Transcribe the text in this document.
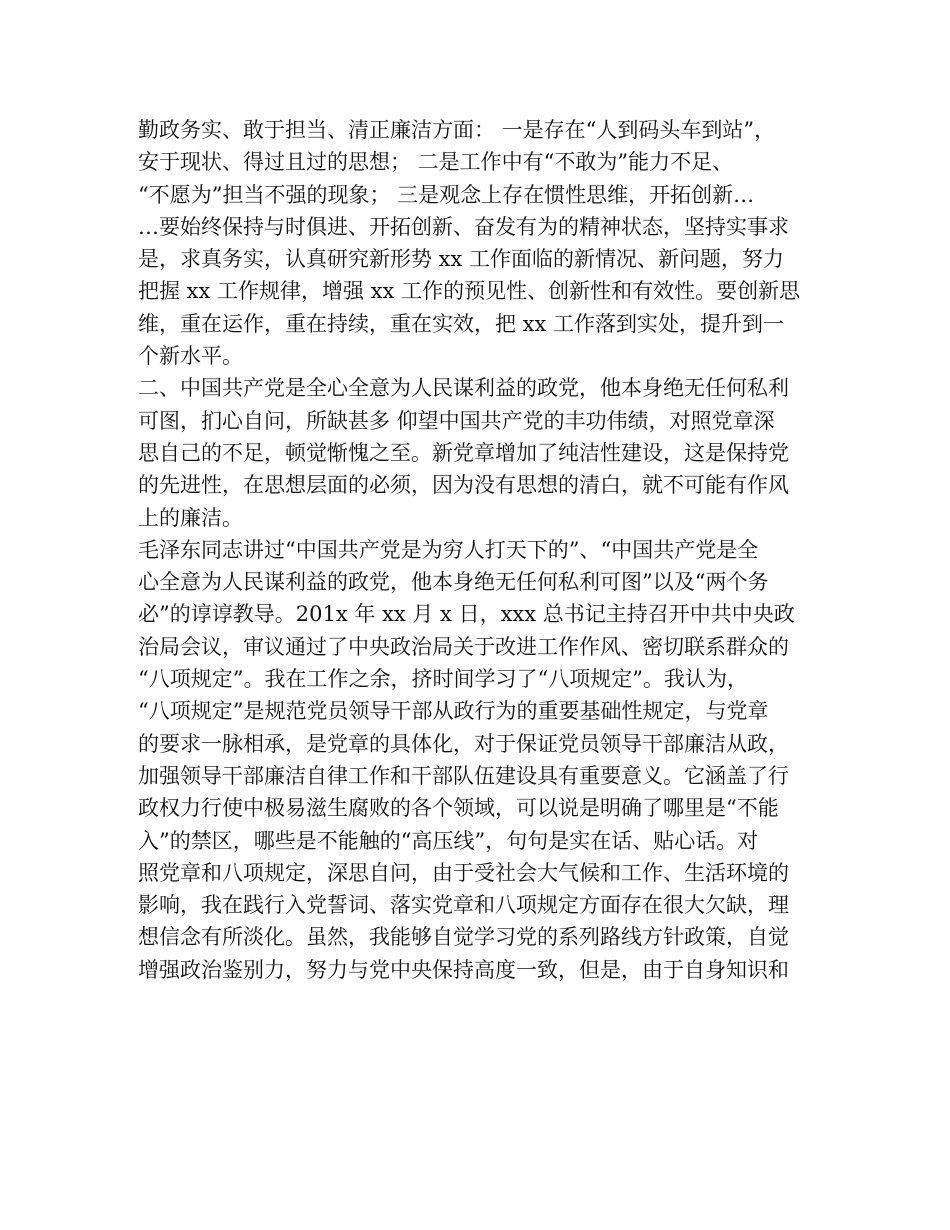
勤政务实、敢于担当、清正廉洁方面： 一是存在“人到码头车到站”，
安于现状、得过且过的思想； 二是工作中有“不敢为”能力不足、
“不愿为”担当不强的现象； 三是观念上存在惯性思维，开拓创新…
…要始终保持与时俱进、开拓创新、奋发有为的精神状态，坚持实事求
是，求真务实，认真研究新形势 xx 工作面临的新情况、新问题，努力
把握 xx 工作规律，增强 xx 工作的预见性、创新性和有效性。要创新思
维，重在运作，重在持续，重在实效，把 xx 工作落到实处，提升到一
个新水平。
二、中国共产党是全心全意为人民谋利益的政党，他本身绝无任何私利
可图，扪心自问，所缺甚多 仰望中国共产党的丰功伟绩，对照党章深
思自己的不足，顿觉惭愧之至。新党章增加了纯洁性建设，这是保持党
的先进性，在思想层面的必须，因为没有思想的清白，就不可能有作风
上的廉洁。
毛泽东同志讲过“中国共产党是为穷人打天下的”、“中国共产党是全
心全意为人民谋利益的政党，他本身绝无任何私利可图”以及“两个务
必”的谆谆教导。201x 年 xx 月 x 日，xxx 总书记主持召开中共中央政
治局会议，审议通过了中央政治局关于改进工作作风、密切联系群众的
“八项规定”。我在工作之余，挤时间学习了“八项规定”。我认为，
“八项规定”是规范党员领导干部从政行为的重要基础性规定，与党章
的要求一脉相承，是党章的具体化，对于保证党员领导干部廉洁从政，
加强领导干部廉洁自律工作和干部队伍建设具有重要意义。它涵盖了行
政权力行使中极易滋生腐败的各个领域，可以说是明确了哪里是“不能
入”的禁区，哪些是不能触的“高压线”，句句是实在话、贴心话。对
照党章和八项规定，深思自问，由于受社会大气候和工作、生活环境的
影响，我在践行入党誓词、落实党章和八项规定方面存在很大欠缺，理
想信念有所淡化。虽然，我能够自觉学习党的系列路线方针政策，自觉
增强政治鉴别力，努力与党中央保持高度一致，但是，由于自身知识和
